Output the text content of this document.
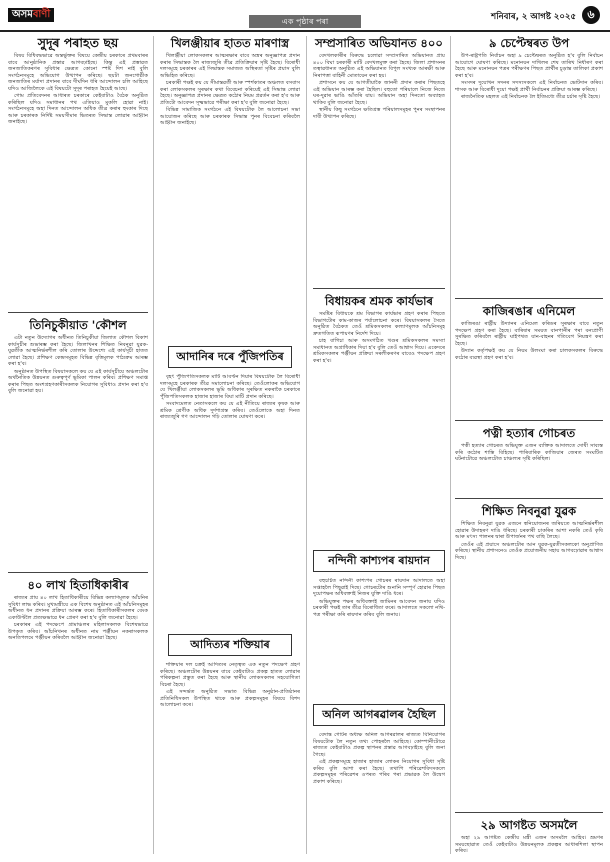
অসমবাণী
এক পৃষ্ঠাৰ পৰা	শনিবাৰ, ২ আগষ্ট ২০২৫	৬
সুদূৰ পৰাহত ছয়

বিষয় বিধিবদ্ধভাৱে অন্তৰ্ভুক্তৰ বিষয়ে কেন্দ্ৰীয় চৰকাৰে প্ৰথমবাৰৰ বাবে আনুষ্ঠানিক প্ৰস্তাৱ আগবঢ়াইছে। কিন্তু এই প্ৰস্তাৱত জনজাতিকৰণৰ সুবিধাৰ ক্ষেত্ৰত কোনো স্পষ্ট দিশ নাই বুলি সংগঠনসমূহে অভিযোগ উত্থাপন কৰিছে। ছয়টা জনগোষ্ঠীক জনজাতিৰ মৰ্যাদা প্ৰদানৰ বাবে দীৰ্ঘদিন ধৰি আন্দোলন চলি আহিছে যদিও আজিলৈকে এই বিষয়টো সুদূৰ পৰাহত হৈয়েই আছে।

গোম প্ৰতিবেদনৰ আধাৰত চৰকাৰে কেইবাটাও বৈঠক অনুষ্ঠিত কৰিছিল যদিও সমাধানৰ পথ এতিয়াও মুকলি হোৱা নাই। সংগঠনসমূহে অহা দিনত আন্দোলন অধিক তীব্ৰ কৰাৰ হুংকাৰ দিছে আৰু চৰকাৰক নিৰ্দিষ্ট সময়সীমাৰ ভিতৰত সিদ্ধান্ত লোৱাৰ আহ্বান জনাইছে।

তিনিচুকীয়াত 'কৌশল

এটা নতুন উদ্যোগৰ অধীনত তিনিচুকীয়া জিলাত কৌশল বিকাশ কাৰ্যসূচীৰ শুভাৰম্ভ কৰা হৈছে। জিলাখনৰ শিক্ষিত নিবনুৱা যুৱক-যুৱতীক আত্মনিৰ্ভৰশীল কৰি তোলাৰ উদ্দেশ্যে এই কাৰ্যসূচী হাতত লোৱা হৈছে। প্ৰশিক্ষণ কেন্দ্ৰসমূহত বিভিন্ন বৃত্তিমূলক পাঠ্যক্ৰম আৰম্ভ কৰা হ'ব।

অনুষ্ঠানত উপস্থিত বিষয়াসকলে কয় যে এই কাৰ্যসূচীয়ে অঞ্চলটোৰ অৰ্থনৈতিক উন্নয়নত গুৰুত্বপূৰ্ণ ভূমিকা পালন কৰিব। প্ৰশিক্ষণ সমাপ্ত কৰাৰ পিছত অংশগ্ৰহণকাৰীসকলক নিয়োগৰ সুবিধাও প্ৰদান কৰা হ'ব বুলি জনোৱা হয়।

৪০ লাখ হিতাধিকাৰীৰ

ৰাজ্যৰ প্ৰায় ৪০ লাখ হিতাধিকাৰীয়ে বিভিন্ন কল্যাণমূলক আঁচনিৰ সুবিধা লাভ কৰিব। মুখ্যমন্ত্ৰীয়ে এক বিশেষ অনুষ্ঠানত এই আঁচনিসমূহৰ অধীনত ধন প্ৰদানৰ প্ৰক্ৰিয়া আৰম্ভ কৰে। হিতাধিকাৰীসকলৰ বেংক একাউণ্টলৈ প্ৰত্যক্ষভাৱে ধন প্ৰেৰণ কৰা হ'ব বুলি জনোৱা হৈছে।

চৰকাৰৰ এই পদক্ষেপে গ্ৰামাঞ্চলৰ মহিলাসকলক বিশেষভাৱে উপকৃত কৰিব। আঁচনিখনৰ অধীনত নাম পঞ্জীয়ন নকৰাসকলক অনতিপলমে পঞ্জীয়ন কৰিবলৈ আহ্বান জনোৱা হৈছে।

খিলঞ্জীয়াৰ হাতত মাৰণাস্ত্ৰ

খিলঞ্জীয়া লোকসকলৰ আত্মৰক্ষাৰ বাবে অস্ত্ৰৰ অনুজ্ঞাপত্ৰ প্ৰদান কৰাৰ সিদ্ধান্তক লৈ ৰাজ্যজুৰি তীব্ৰ প্ৰতিক্ৰিয়াৰ সৃষ্টি হৈছে। বিৰোধী দলসমূহে চৰকাৰৰ এই সিদ্ধান্তক সমাজত অস্থিৰতা সৃষ্টিৰ প্ৰয়াস বুলি অভিহিত কৰিছে।

চৰকাৰী পক্ষই কয় যে সীমান্তৱৰ্তী আৰু স্পৰ্শকাতৰ অঞ্চলত বসবাস কৰা লোকসকলৰ সুৰক্ষাৰ কথা বিবেচনা কৰিয়েই এই সিদ্ধান্ত লোৱা হৈছে। অনুজ্ঞাপত্ৰ প্ৰদানৰ ক্ষেত্ৰত কঠোৰ নিয়ম প্ৰৱৰ্তন কৰা হ'ব আৰু প্ৰতিটো আবেদন সূক্ষ্মভাৱে পৰীক্ষা কৰা হ'ব বুলি জনোৱা হৈছে।

বিভিন্ন সামাজিক সংগঠনে এই বিষয়টোক লৈ আলোচনা সভা আয়োজন কৰিছে আৰু চৰকাৰক সিদ্ধান্ত পুনৰ বিবেচনা কৰিবলৈ আহ্বান জনাইছে।

আদানিৰ দৰে পুঁজিপতিৰ

বৃহৎ পুঁজিপতিসকলক মাটি আবণ্টন দিয়াৰ বিষয়টোক লৈ বিৰোধী দলসমূহে চৰকাৰক তীব্ৰ সমালোচনা কৰিছে। তেওঁলোকৰ অভিযোগ যে খিলঞ্জীয়া লোকসকলৰ ভূমি অধিকাৰ সুৰক্ষিত নকৰাকৈ চৰকাৰে পুঁজিপতিসকলক হাজাৰ হাজাৰ বিঘা মাটি প্ৰদান কৰিছে।

সংবাদমেলত নেতাসকলে কয় যে এই নীতিয়ে ৰাজ্যৰ কৃষক আৰু শ্ৰমিক শ্ৰেণীক অধিক দুৰ্দশাগ্ৰস্ত কৰিব। তেওঁলোকে অহা দিনত ৰাজ্যজুৰি গণ আন্দোলন গঢ়ি তোলাৰ ঘোষণা কৰে।

আদিত্যৰ শক্তিয়াৰ

শক্তিয়াৰ দল চক্ৰই আদিত্যৰ নেতৃত্বত এক নতুন পদক্ষেপ গ্ৰহণ কৰিছে। অঞ্চলটোৰ উন্নয়নৰ বাবে কেইবাটাও প্ৰকল্প হাতত লোৱাৰ পৰিকল্পনা প্ৰস্তুত কৰা হৈছে আৰু স্থানীয় লোকসকলৰ সহযোগিতা বিচৰা হৈছে।

এই সন্দৰ্ভত অনুষ্ঠিত সভাত বিভিন্ন অনুষ্ঠান-প্ৰতিষ্ঠানৰ প্ৰতিনিধিসকল উপস্থিত থাকে আৰু প্ৰকল্পসমূহৰ বিষয়ে বিশদ আলোচনা কৰে।

সম্প্ৰসাৰিত অভিযানত ৪০০

বেদখলকাৰীৰ বিৰুদ্ধে চলোৱা সম্প্ৰসাৰিত অভিযানত প্ৰায় ৪০০ বিঘা চৰকাৰী মাটি বেদখলমুক্ত কৰা হৈছে। জিলা প্ৰশাসনৰ তত্বাৱধানত অনুষ্ঠিত এই অভিযানত বিপুল সংখ্যক আৰক্ষী আৰু নিৰাপত্তা বাহিনী মোতায়েন কৰা হয়।

প্ৰশাসনে কয় যে আগতীয়াকৈ জাননী প্ৰদান কৰাৰ পিছতহে এই অভিযান আৰম্ভ কৰা হৈছিল। বহুতো পৰিয়ালে নিজে নিজে ঘৰ-দুৱাৰ ভাঙি আঁতৰি যায়। অভিযান অহা দিনতো অব্যাহত থাকিব বুলি জনোৱা হৈছে।

স্থানীয় কিছু সংগঠনে ক্ষতিগ্ৰস্ত পৰিয়ালসমূহৰ পুনৰ সংস্থাপনৰ দাবী উত্থাপন কৰিছে।

বিধায়কৰ শ্ৰমক কাৰ্যভাৰ

সমষ্টিৰ বিধায়কে শ্ৰম বিভাগৰ কাৰ্যভাৰ গ্ৰহণ কৰাৰ পিছতে বিভাগটোৰ কাম-কাজৰ পৰ্যালোচনা কৰে। বিষয়াসকলৰ সৈতে অনুষ্ঠিত বৈঠকত তেওঁ শ্ৰমিকসকলৰ কল্যাণমূলক আঁচনিসমূহ দ্ৰুতগতিত ৰূপায়ণৰ নিৰ্দেশ দিয়ে।

চাহ বাগিচা আৰু অসংগঠিত খণ্ডৰ শ্ৰমিকসকলৰ সমস্যা সমাধানত অগ্ৰাধিকাৰ দিয়া হ'ব বুলি তেওঁ আশ্বাস দিয়ে। একেদৰে শ্ৰমিকসকলৰ পঞ্জীয়ন প্ৰক্ৰিয়া সৰলীকৰণৰ বাবেও পদক্ষেপ গ্ৰহণ কৰা হ'ব।

নন্দিনী কাশ্যপৰ ৰায়দান

বহুচৰ্চিত নন্দিনী কাশ্যপৰ গোচৰৰ ৰায়দান আদালতে অহা সপ্তাহলৈ পিছুৱাই দিছে। গোচৰটোৰ শুনানি সম্পূৰ্ণ হোৱাৰ পিছত দুয়োপক্ষৰ অধিবক্তাই নিজৰ যুক্তি দাঙি ধৰে।

অভিযুক্তৰ পক্ষৰ অধিবক্তাই জামিনৰ আবেদন জনায় যদিও চৰকাৰী পক্ষই তাৰ তীব্ৰ বিৰোধিতা কৰে। আদালতে সকলো নথি-পত্ৰ পৰীক্ষা কৰি ৰায়দান কৰিব বুলি জনায়।

অনিল আগৰৱালৰ হৈছিল

বেদান্ত গোটৰ অধ্যক্ষ অনিল আগৰৱালৰ ৰাজ্যত বিনিয়োগৰ বিষয়টোক লৈ নতুন তথ্য পোহৰলৈ আহিছে। কোম্পানীটোৱে ৰাজ্যত কেইবাটাও প্ৰকল্প স্থাপনৰ প্ৰস্তাৱ আগবঢ়াইছে বুলি জনা গৈছে।

এই প্ৰকল্পসমূহে হাজাৰ হাজাৰ লোকৰ নিয়োগৰ সুবিধা সৃষ্টি কৰিব বুলি আশা কৰা হৈছে। তথাপি পৰিৱেশবিদসকলে প্ৰকল্পসমূহৰ পৰিৱেশৰ ওপৰত পৰিব পৰা প্ৰভাৱক লৈ উদ্বেগ প্ৰকাশ কৰিছে।

৯ চেপ্টেম্বৰত উপ

উপ-ৰাষ্ট্ৰপতি নিৰ্বাচন অহা ৯ চেপ্টেম্বৰত অনুষ্ঠিত হ'ব বুলি নিৰ্বাচন আয়োগে ঘোষণা কৰিছে। মনোনয়ন দাখিলৰ শেষ তাৰিখ নিৰ্ধাৰণ কৰা হৈছে আৰু মনোনয়ন পত্ৰৰ পৰীক্ষণৰ পিছত প্ৰাৰ্থীৰ চূড়ান্ত তালিকা প্ৰকাশ কৰা হ'ব।

সংসদৰ দুয়োখন সদনৰ সদস্যসকলে এই নিৰ্বাচনত ভোটদান কৰিব। শাসক আৰু বিৰোধী দুয়ো পক্ষই প্ৰাৰ্থী নিৰ্বাচনৰ প্ৰক্ৰিয়া আৰম্ভ কৰিছে।

ৰাজনৈতিক মহলত এই নিৰ্বাচনক লৈ ইতিমধ্যে তীব্ৰ চৰ্চাৰ সৃষ্টি হৈছে।

কাজিৰঙাৰ এনিমেল

কাজিৰঙা ৰাষ্ট্ৰীয় উদ্যানৰ এনিমেল কৰিডৰ সুৰক্ষাৰ বাবে নতুন পদক্ষেপ গ্ৰহণ কৰা হৈছে। বাৰিষাৰ সময়ত বানপানীৰ পৰা বন্যপ্ৰাণী সুৰক্ষিত কৰিবলৈ ৰাষ্ট্ৰীয় ঘাইপথত যান-বাহনৰ গতিবেগ নিয়ন্ত্ৰণ কৰা হৈছে।

উদ্যান কৰ্তৃপক্ষই কয় যে নিয়ম উলংঘা কৰা চালকসকলৰ বিৰুদ্ধে কঠোৰ ব্যৱস্থা গ্ৰহণ কৰা হ'ব।

পত্নী হত্যাৰ গোচৰত

পত্নী হত্যাৰ গোচৰত অভিযুক্ত এজন ব্যক্তিক আদালতে দোষী সাব্যস্ত কৰি কঠোৰ শাস্তি বিহিছে। পাৰিবাৰিক কাজিয়াৰ জেৰত সংঘটিত ঘটনাটোৱে অঞ্চলটোত চাঞ্চল্যৰ সৃষ্টি কৰিছিল।

শিক্ষিত নিবনুৱা যুৱক

শিক্ষিত নিবনুৱা যুৱক এজনে স্বনিয়োজনৰ জৰিয়তে আত্মনিৰ্ভৰশীল হোৱাৰ উদাহৰণ দাঙি ধৰিছে। চৰকাৰী চাকৰিৰ আশা নকৰি তেওঁ কৃষি আৰু মৎস্য পালনৰ দ্বাৰা উপাৰ্জনৰ পথ বাছি লৈছে।

তেওঁৰ এই প্ৰয়াসে অঞ্চলটোৰ আন যুৱক-যুৱতীসকলকো অনুপ্ৰাণিত কৰিছে। স্থানীয় প্ৰশাসনেও তেওঁক প্ৰয়োজনীয় সহায় আগবঢ়োৱাৰ আশ্বাস দিছে।

২৯ আগষ্টত অসমলৈ

অহা ২৯ আগষ্টত কেন্দ্ৰীয় মন্ত্ৰী এজন অসমলৈ আহিব। ভ্ৰমণৰ সময়ছোৱাত তেওঁ কেইবাটাও উন্নয়নমূলক প্ৰকল্পৰ আধাৰশিলা স্থাপন কৰিব।
